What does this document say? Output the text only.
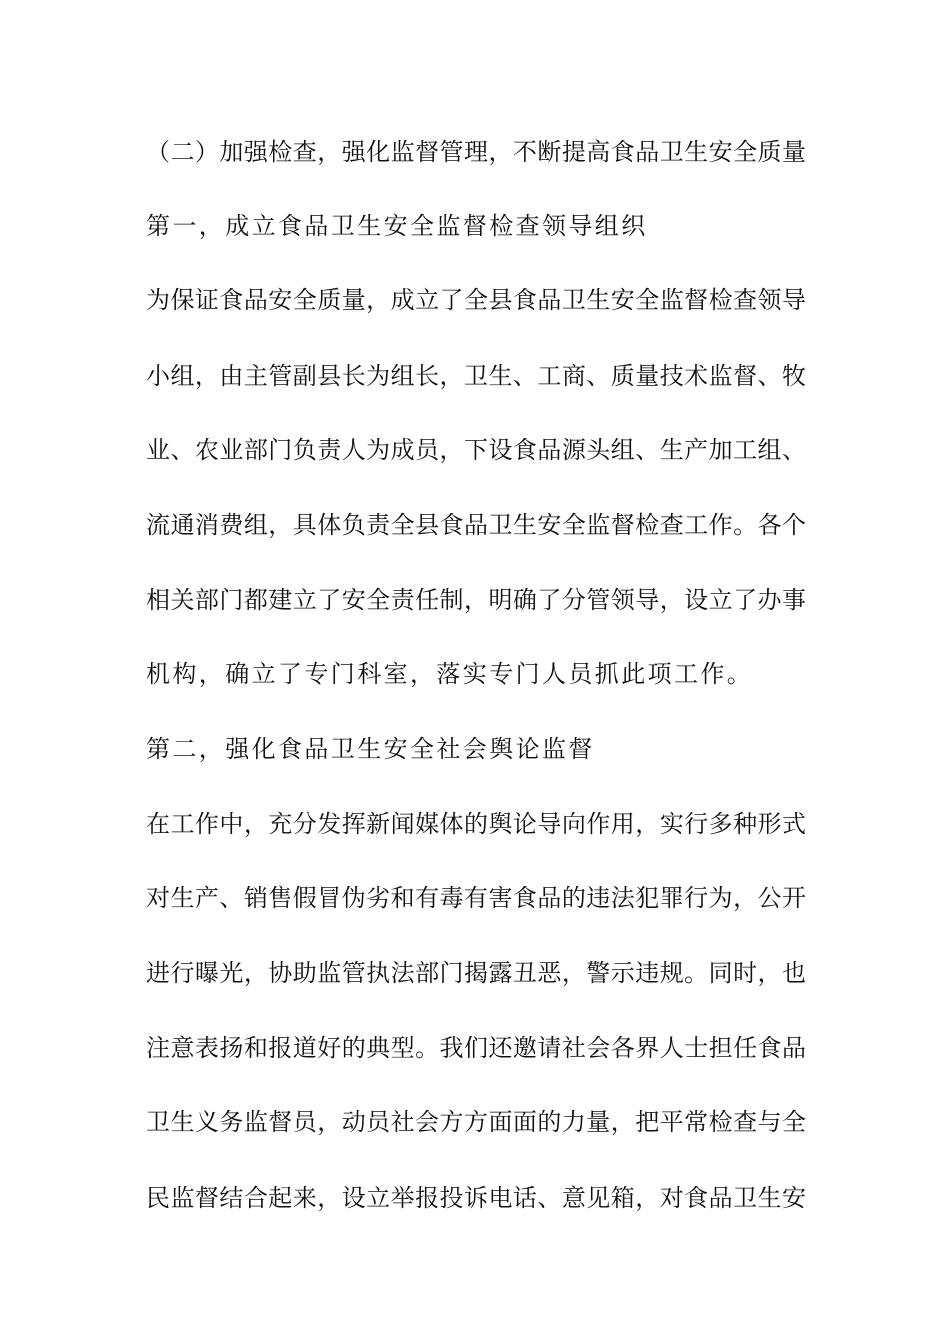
（二）加强检查，强化监督管理，不断提高食品卫生安全质量
第一，成立食品卫生安全监督检查领导组织
为保证食品安全质量，成立了全县食品卫生安全监督检查领导
小组，由主管副县长为组长，卫生、工商、质量技术监督、牧
业、农业部门负责人为成员，下设食品源头组、生产加工组、
流通消费组，具体负责全县食品卫生安全监督检查工作。各个
相关部门都建立了安全责任制，明确了分管领导，设立了办事
机构，确立了专门科室，落实专门人员抓此项工作。
第二，强化食品卫生安全社会舆论监督
在工作中，充分发挥新闻媒体的舆论导向作用，实行多种形式
对生产、销售假冒伪劣和有毒有害食品的违法犯罪行为，公开
进行曝光，协助监管执法部门揭露丑恶，警示违规。同时，也
注意表扬和报道好的典型。我们还邀请社会各界人士担任食品
卫生义务监督员，动员社会方方面面的力量，把平常检查与全
民监督结合起来，设立举报投诉电话、意见箱，对食品卫生安
